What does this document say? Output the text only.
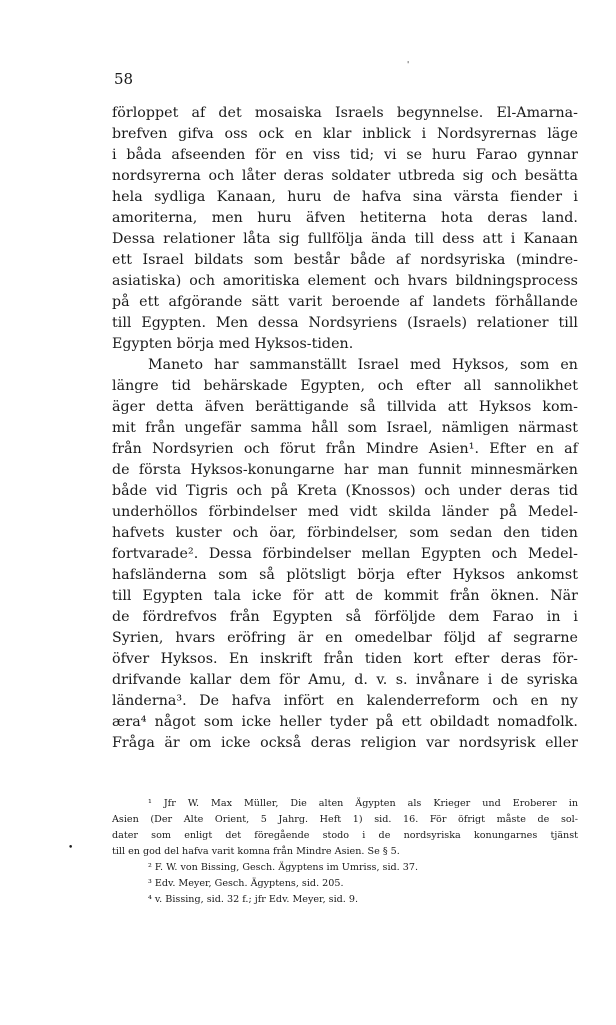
'
58
förloppet af det mosaiska Israels begynnelse. El-Amarna-
brefven gifva oss ock en klar inblick i Nordsyrernas läge
i båda afseenden för en viss tid; vi se huru Farao gynnar
nordsyrerna och låter deras soldater utbreda sig och besätta
hela sydliga Kanaan, huru de hafva sina värsta fiender i
amoriterna, men huru äfven hetiterna hota deras land.
Dessa relationer låta sig fullfölja ända till dess att i Kanaan
ett Israel bildats som består både af nordsyriska (mindre-
asiatiska) och amoritiska element och hvars bildningsprocess
på ett afgörande sätt varit beroende af landets förhållande
till Egypten. Men dessa Nordsyriens (Israels) relationer till
Egypten börja med Hyksos-tiden.
Maneto har sammanställt Israel med Hyksos, som en
längre tid behärskade Egypten, och efter all sannolikhet
äger detta äfven berättigande så tillvida att Hyksos kom-
mit från ungefär samma håll som Israel, nämligen närmast
från Nordsyrien och förut från Mindre Asien¹. Efter en af
de första Hyksos-konungarne har man funnit minnesmärken
både vid Tigris och på Kreta (Knossos) och under deras tid
underhöllos förbindelser med vidt skilda länder på Medel-
hafvets kuster och öar, förbindelser, som sedan den tiden
fortvarade². Dessa förbindelser mellan Egypten och Medel-
hafsländerna som så plötsligt börja efter Hyksos ankomst
till Egypten tala icke för att de kommit från öknen. När
de fördrefvos från Egypten så förföljde dem Farao in i
Syrien, hvars eröfring är en omedelbar följd af segrarne
öfver Hyksos. En inskrift från tiden kort efter deras för-
drifvande kallar dem för Amu, d. v. s. invånare i de syriska
länderna³. De hafva infört en kalenderreform och en ny
æra⁴ något som icke heller tyder på ett obildadt nomadfolk.
Fråga är om icke också deras religion var nordsyrisk eller
•
¹ Jfr W. Max Müller, Die alten Ägypten als Krieger und Eroberer in
Asien (Der Alte Orient, 5 Jahrg. Heft 1) sid. 16. För öfrigt måste de sol-
dater som enligt det föregående stodo i de nordsyriska konungarnes tjänst
till en god del hafva varit komna från Mindre Asien. Se § 5.
² F. W. von Bissing, Gesch. Ägyptens im Umriss, sid. 37.
³ Edv. Meyer, Gesch. Ägyptens, sid. 205.
⁴ v. Bissing, sid. 32 f.; jfr Edv. Meyer, sid. 9.
